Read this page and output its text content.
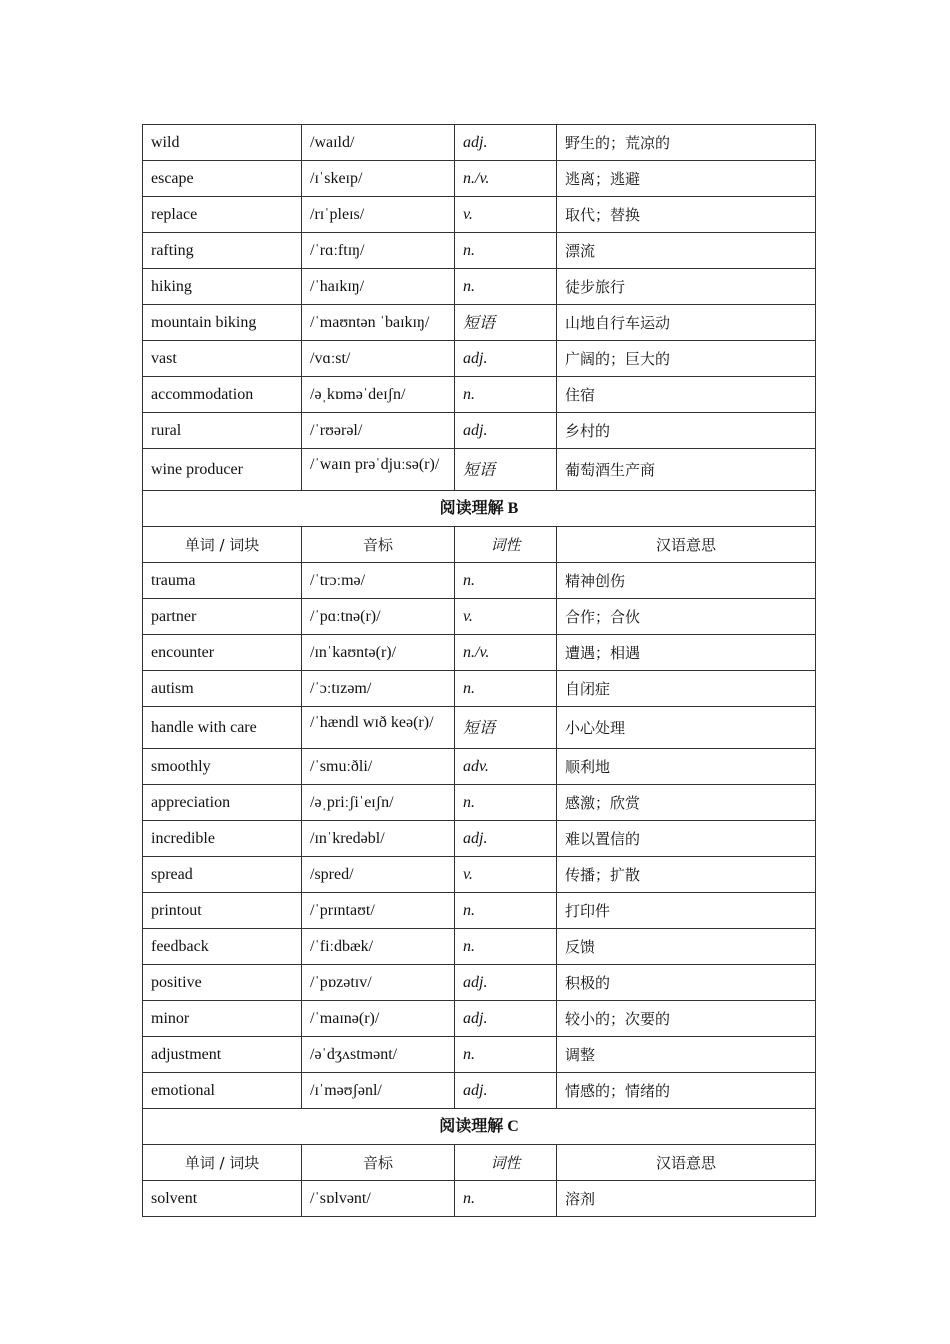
wild	/waɪld/	adj.	野生的；荒凉的
escape	/ɪˈskeɪp/	n./v.	逃离；逃避
replace	/rɪˈpleɪs/	v.	取代；替换
rafting	/ˈrɑːftɪŋ/	n.	漂流
hiking	/ˈhaɪkɪŋ/	n.	徒步旅行
mountain biking	/ˈmaʊntən ˈbaɪkɪŋ/	短语	山地自行车运动
vast	/vɑːst/	adj.	广阔的；巨大的
accommodation	/əˌkɒməˈdeɪʃn/	n.	住宿
rural	/ˈrʊərəl/	adj.	乡村的
wine producer	/ˈwaɪn prəˈdjuːsə(r)/	短语	葡萄酒生产商
阅读理解 B			
单词 / 词块	音标	词性	汉语意思
trauma	/ˈtrɔːmə/	n.	精神创伤
partner	/ˈpɑːtnə(r)/	v.	合作；合伙
encounter	/ɪnˈkaʊntə(r)/	n./v.	遭遇；相遇
autism	/ˈɔːtɪzəm/	n.	自闭症
handle with care	/ˈhændl wɪð keə(r)/	短语	小心处理
smoothly	/ˈsmuːðli/	adv.	顺利地
appreciation	/əˌpriːʃiˈeɪʃn/	n.	感激；欣赏
incredible	/ɪnˈkredəbl/	adj.	难以置信的
spread	/spred/	v.	传播；扩散
printout	/ˈprɪntaʊt/	n.	打印件
feedback	/ˈfiːdbæk/	n.	反馈
positive	/ˈpɒzətɪv/	adj.	积极的
minor	/ˈmaɪnə(r)/	adj.	较小的；次要的
adjustment	/əˈdʒʌstmənt/	n.	调整
emotional	/ɪˈməʊʃənl/	adj.	情感的；情绪的
阅读理解 C			
单词 / 词块	音标	词性	汉语意思
solvent	/ˈsɒlvənt/	n.	溶剂
